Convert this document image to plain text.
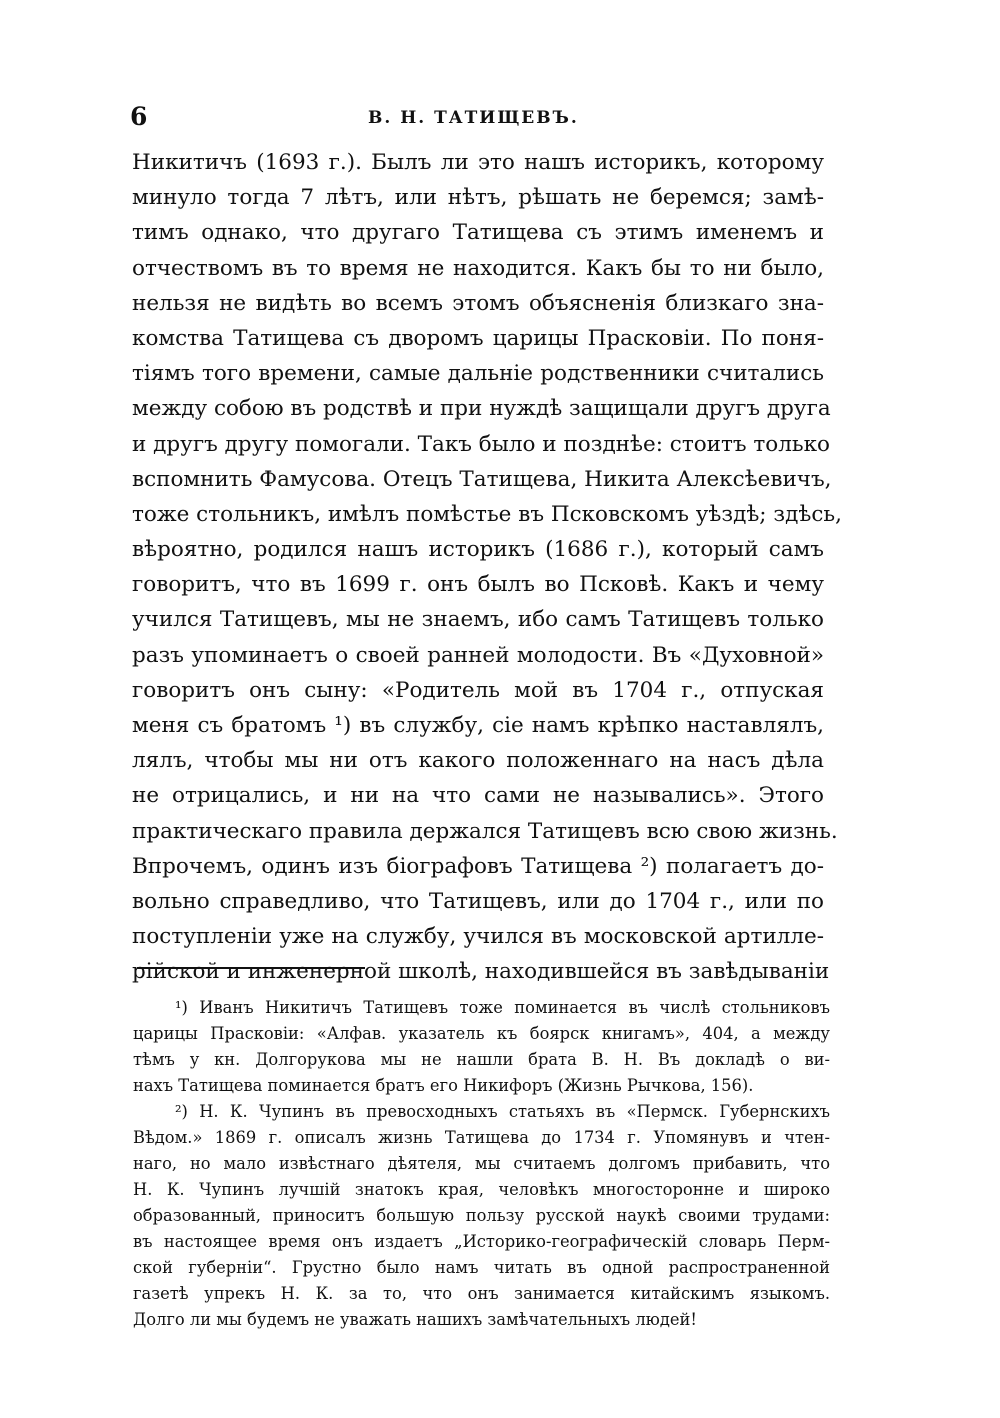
6	В. Н. ТАТИЩЕВЪ.
Никитичъ (1693 г.). Былъ ли это нашъ историкъ, которому
минуло тогда 7 лѣтъ, или нѣтъ, рѣшать не беремся; замѣ-
тимъ однако, что другаго Татищева съ этимъ именемъ и
отчествомъ въ то время не находится. Какъ бы то ни было,
нельзя не видѣть во всемъ этомъ объясненія близкаго зна-
комства Татищева съ дворомъ царицы Прасковіи. По поня-
тіямъ того времени, самые дальніе родственники считались
между собою въ родствѣ и при нуждѣ защищали другъ друга
и другъ другу помогали. Такъ было и позднѣе: стоитъ только
вспомнить Фамусова. Отецъ Татищева, Никита Алексѣевичъ,
тоже стольникъ, имѣлъ помѣстье въ Псковскомъ уѣздѣ; здѣсь,
вѣроятно, родился нашъ историкъ (1686 г.), который самъ
говоритъ, что въ 1699 г. онъ былъ во Псковѣ. Какъ и чему
учился Татищевъ, мы не знаемъ, ибо самъ Татищевъ только
разъ упоминаетъ о своей ранней молодости. Въ «Духовной»
говоритъ онъ сыну: «Родитель мой въ 1704 г., отпуская
меня съ братомъ ¹) въ службу, сіе намъ крѣпко наставлялъ,
лялъ, чтобы мы ни отъ какого положеннаго на насъ дѣла
не отрицались, и ни на что сами не назывались». Этого
практическаго правила держался Татищевъ всю свою жизнь.
Впрочемъ, одинъ изъ біографовъ Татищева ²) полагаетъ до-
вольно справедливо, что Татищевъ, или до 1704 г., или по
поступленіи уже на службу, учился въ московской артилле-
рійской и инженерной школѣ, находившейся въ завѣдываніи
¹) Иванъ Никитичъ Татищевъ тоже поминается въ числѣ стольниковъ
царицы Прасковіи: «Алфав. указатель къ боярск книгамъ», 404, а между
тѣмъ у кн. Долгорукова мы не нашли брата В. Н. Въ докладѣ о ви-
нахъ Татищева поминается братъ его Никифоръ (Жизнь Рычкова, 156).
²) Н. К. Чупинъ въ превосходныхъ статьяхъ въ «Пермск. Губернскихъ
Вѣдом.» 1869 г. описалъ жизнь Татищева до 1734 г. Упомянувъ и чтен-
наго, но мало извѣстнаго дѣятеля, мы считаемъ долгомъ прибавить, что
Н. К. Чупинъ лучшій знатокъ края, человѣкъ многосторонне и широко
образованный, приноситъ большую пользу русской наукѣ своими трудами:
въ настоящее время онъ издаетъ „Историко-географическій словарь Перм-
ской губерніи“. Грустно было намъ читать въ одной распространенной
газетѣ упрекъ Н. К. за то, что онъ занимается китайскимъ языкомъ.
Долго ли мы будемъ не уважать нашихъ замѣчательныхъ людей!
